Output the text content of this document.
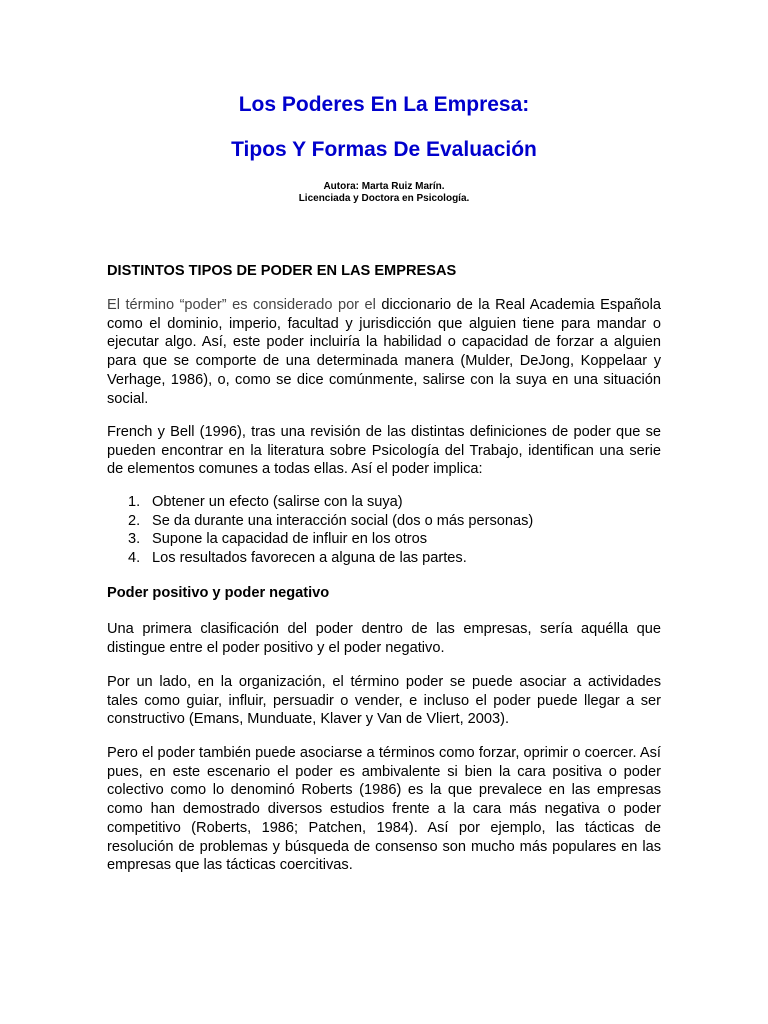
Los Poderes En La Empresa:
Tipos Y Formas De Evaluación

Autora: Marta Ruiz Marín.

Licenciada y Doctora en Psicología.

DISTINTOS TIPOS DE PODER EN LAS EMPRESAS

El término “poder” es considerado por el diccionario de la Real Academia Española como el dominio, imperio, facultad y jurisdicción que alguien tiene para mandar o ejecutar algo. Así, este poder incluiría la habilidad o capacidad de forzar a alguien para que se comporte de una determinada manera (Mulder, DeJong, Koppelaar y Verhage, 1986), o, como se dice comúnmente, salirse con la suya en una situación social.

French y Bell (1996), tras una revisión de las distintas definiciones de poder que se pueden encontrar en la literatura sobre Psicología del Trabajo, identifican una serie de elementos comunes a todas ellas. Así el poder implica:

1. Obtener un efecto (salirse con la suya)
2. Se da durante una interacción social (dos o más personas)
3. Supone la capacidad de influir en los otros
4. Los resultados favorecen a alguna de las partes.

Poder positivo y poder negativo

Una primera clasificación del poder dentro de las empresas, sería aquélla que distingue entre el poder positivo y el poder negativo.

Por un lado, en la organización, el término poder se puede asociar a actividades tales como guiar, influir, persuadir o vender, e incluso el poder puede llegar a ser constructivo (Emans, Munduate, Klaver y Van de Vliert, 2003).

Pero el poder también puede asociarse a términos como forzar, oprimir o coercer. Así pues, en este escenario el poder es ambivalente si bien la cara positiva o poder colectivo como lo denominó Roberts (1986) es la que prevalece en las empresas como han demostrado diversos estudios frente a la cara más negativa o poder competitivo (Roberts, 1986; Patchen, 1984). Así por ejemplo, las tácticas de resolución de problemas y búsqueda de consenso son mucho más populares en las empresas que las tácticas coercitivas.
